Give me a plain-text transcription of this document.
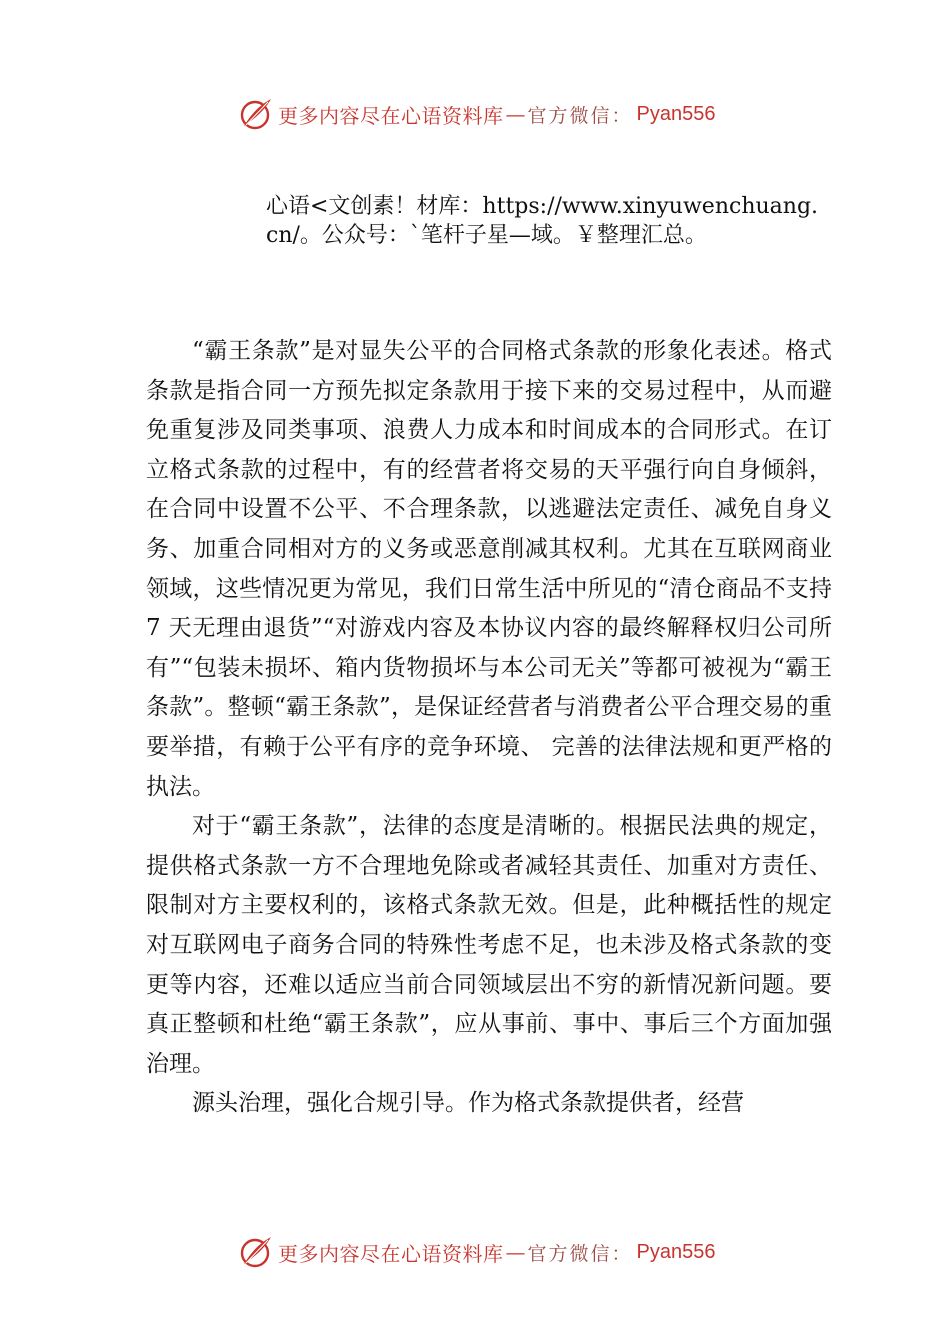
更多内容尽在心语资料库 — 官方微信： Pyan556
心语<文创素！材库：https://www.xinyuwenchuang.cn/。公众号：`笔杆子星—域。￥整理汇总。

“霸王条款”是对显失公平的合同格式条款的形象化表述。格式条款是指合同一方预先拟定条款用于接下来的交易过程中，从而避免重复涉及同类事项、浪费人力成本和时间成本的合同形式。在订立格式条款的过程中，有的经营者将交易的天平强行向自身倾斜，在合同中设置不公平、不合理条款，以逃避法定责任、减免自身义务、加重合同相对方的义务或恶意削减其权利。尤其在互联网商业领域，这些情况更为常见，我们日常生活中所见的“清仓商品不支持 7 天无理由退货”“对游戏内容及本协议内容的最终解释权归公司所有”“包装未损坏、箱内货物损坏与本公司无关”等都可被视为“霸王条款”。整顿“霸王条款”，是保证经营者与消费者公平合理交易的重要举措，有赖于公平有序的竞争环境、 完善的法律法规和更严格的执法。

对于“霸王条款”，法律的态度是清晰的。根据民法典的规定，提供格式条款一方不合理地免除或者减轻其责任、加重对方责任、限制对方主要权利的，该格式条款无效。但是，此种概括性的规定对互联网电子商务合同的特殊性考虑不足，也未涉及格式条款的变更等内容，还难以适应当前合同领域层出不穷的新情况新问题。要真正整顿和杜绝“霸王条款”，应从事前、事中、事后三个方面加强治理。

源头治理，强化合规引导。作为格式条款提供者，经营

更多内容尽在心语资料库 — 官方微信： Pyan556
